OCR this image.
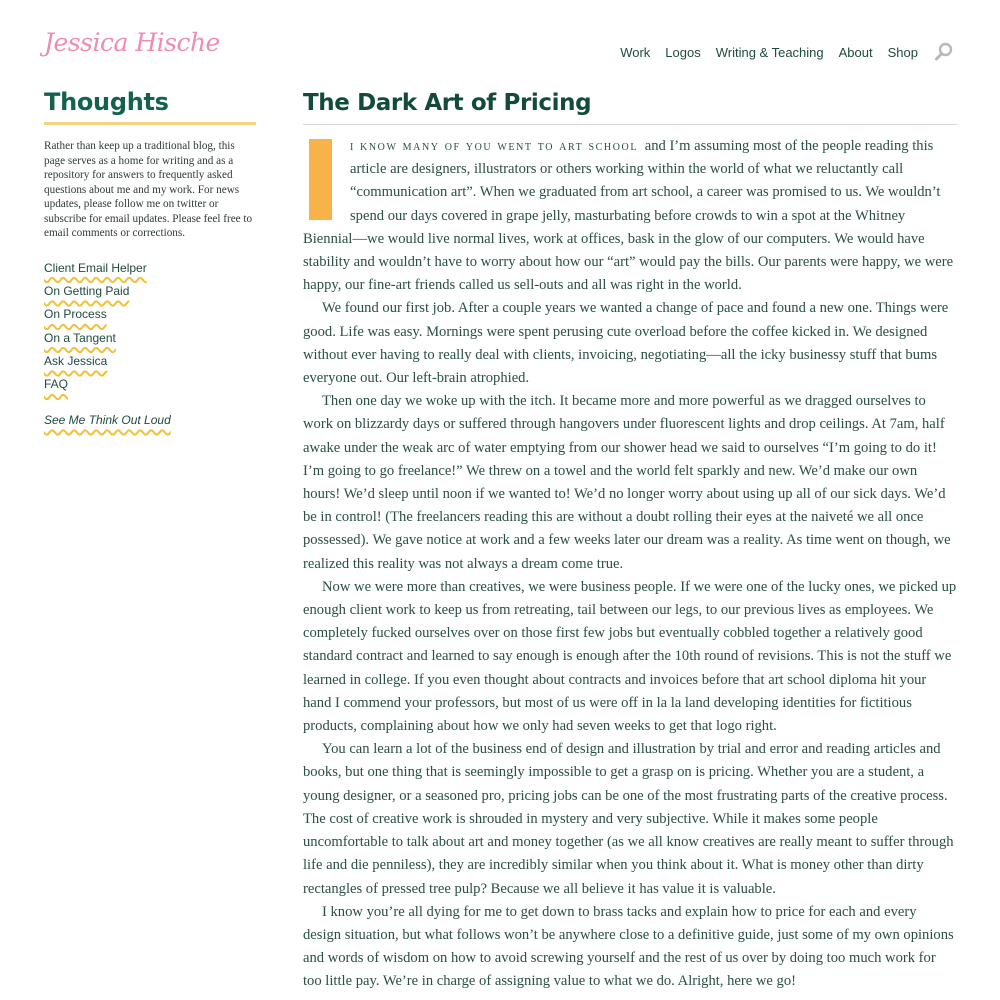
Jessica Hische	Work Logos Writing & Teaching About Shop
Thoughts

Rather than keep up a traditional blog, this page serves as a home for writing and as a repository for answers to frequently asked questions about me and my work. For news updates, please follow me on twitter or subscribe for email updates. Please feel free to email comments or corrections.

Client Email Helper
On Getting Paid
On Process
On a Tangent
Ask Jessica
FAQ
See Me Think Out Loud
The Dark Art of Pricing

i know many of you went to art school and I’m assuming most of the people reading this article are designers, illustrators or others working within the world of what we reluctantly call “communication art”. When we graduated from art school, a career was promised to us. We wouldn’t spend our days covered in grape jelly, masturbating before crowds to win a spot at the Whitney Biennial—we would live normal lives, work at offices, bask in the glow of our computers. We would have stability and wouldn’t have to worry about how our “art” would pay the bills. Our parents were happy, we were happy, our fine-art friends called us sell-outs and all was right in the world.

We found our first job. After a couple years we wanted a change of pace and found a new one. Things were good. Life was easy. Mornings were spent perusing cute overload before the coffee kicked in. We designed without ever having to really deal with clients, invoicing, negotiating—all the icky businessy stuff that bums everyone out. Our left-brain atrophied.

Then one day we woke up with the itch. It became more and more powerful as we dragged ourselves to work on blizzardy days or suffered through hangovers under fluorescent lights and drop ceilings. At 7am, half awake under the weak arc of water emptying from our shower head we said to ourselves “I’m going to do it! I’m going to go freelance!” We threw on a towel and the world felt sparkly and new. We’d make our own hours! We’d sleep until noon if we wanted to! We’d no longer worry about using up all of our sick days. We’d be in control! (The freelancers reading this are without a doubt rolling their eyes at the naiveté we all once possessed). We gave notice at work and a few weeks later our dream was a reality. As time went on though, we realized this reality was not always a dream come true.

Now we were more than creatives, we were business people. If we were one of the lucky ones, we picked up enough client work to keep us from retreating, tail between our legs, to our previous lives as employees. We completely fucked ourselves over on those first few jobs but eventually cobbled together a relatively good standard contract and learned to say enough is enough after the 10th round of revisions. This is not the stuff we learned in college. If you even thought about contracts and invoices before that art school diploma hit your hand I commend your professors, but most of us were off in la la land developing identities for fictitious products, complaining about how we only had seven weeks to get that logo right.

You can learn a lot of the business end of design and illustration by trial and error and reading articles and books, but one thing that is seemingly impossible to get a grasp on is pricing. Whether you are a student, a young designer, or a seasoned pro, pricing jobs can be one of the most frustrating parts of the creative process. The cost of creative work is shrouded in mystery and very subjective. While it makes some people uncomfortable to talk about art and money together (as we all know creatives are really meant to suffer through life and die penniless), they are incredibly similar when you think about it. What is money other than dirty rectangles of pressed tree pulp? Because we all believe it has value it is valuable.

I know you’re all dying for me to get down to brass tacks and explain how to price for each and every design situation, but what follows won’t be anywhere close to a definitive guide, just some of my own opinions and words of wisdom on how to avoid screwing yourself and the rest of us over by doing too much work for too little pay. We’re in charge of assigning value to what we do. Alright, here we go!
